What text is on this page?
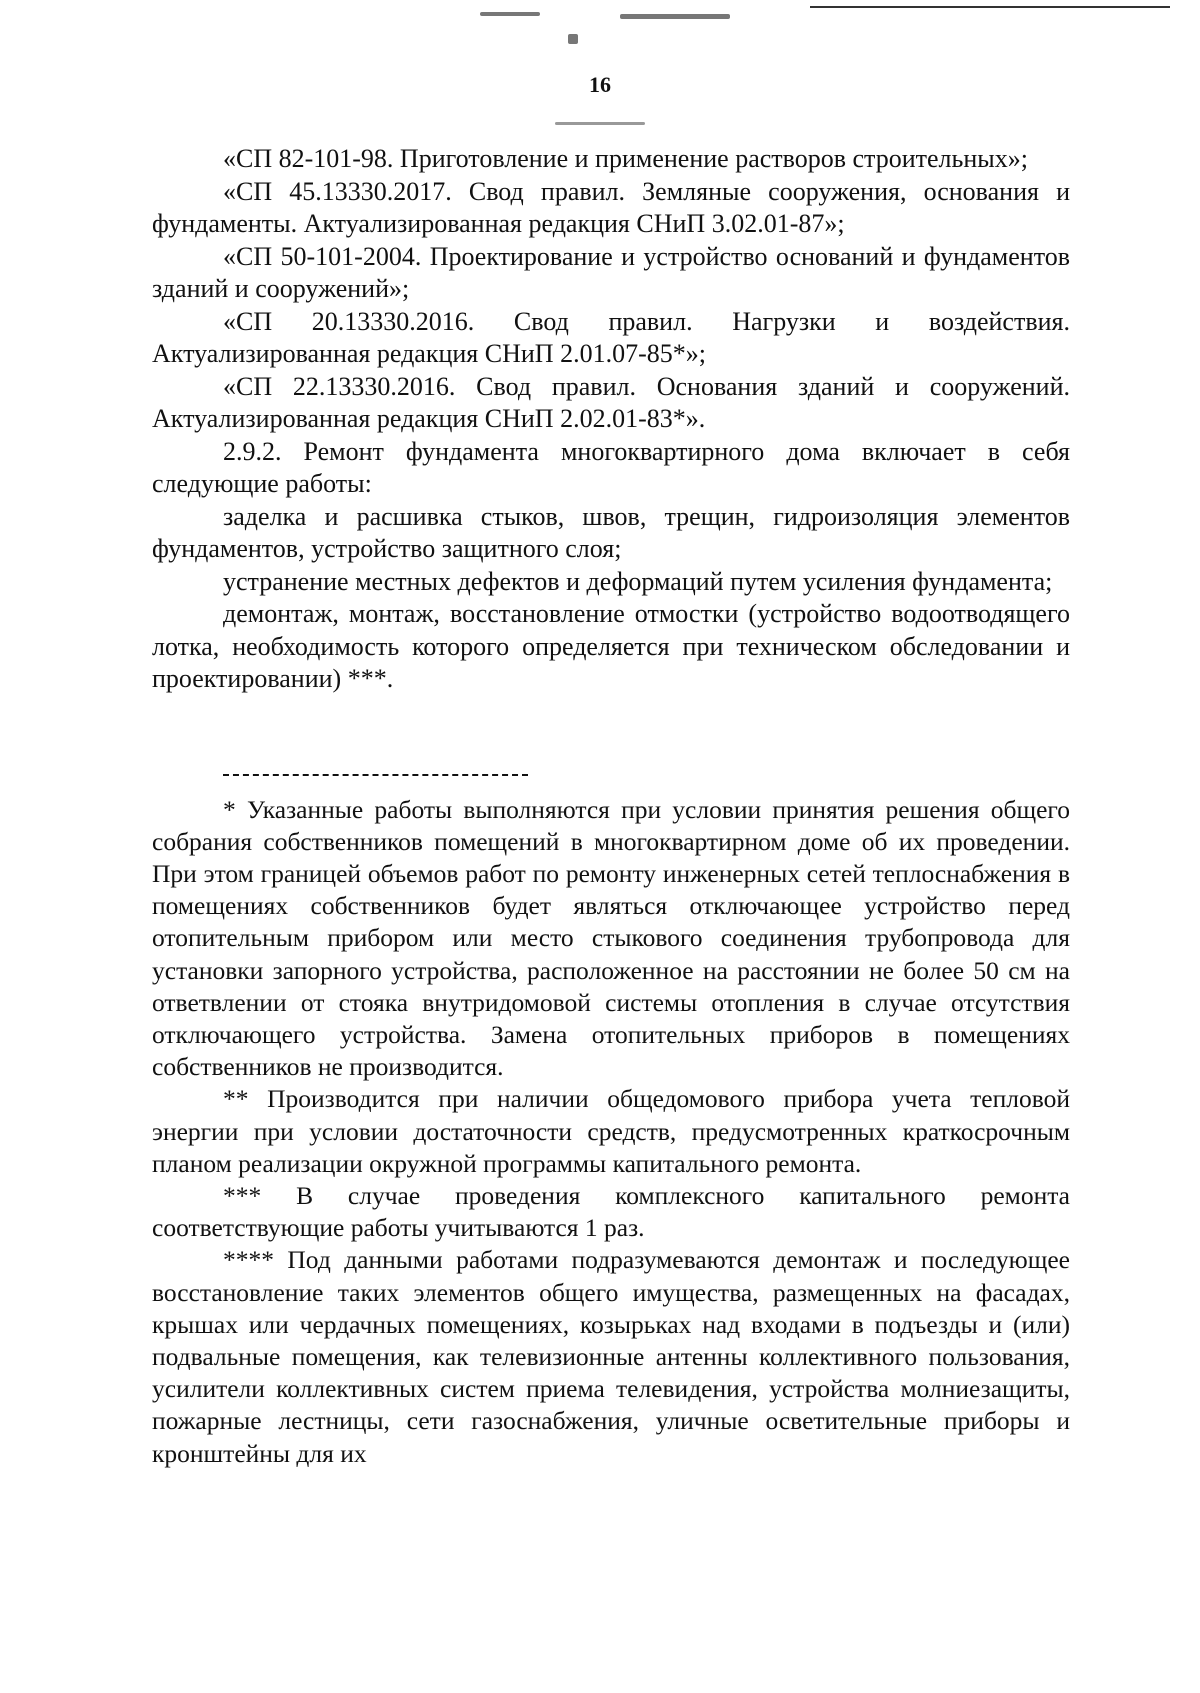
16

«СП 82-101-98. Приготовление и применение растворов строительных»;

«СП 45.13330.2017. Свод правил. Земляные сооружения, основания и фундаменты. Актуализированная редакция СНиП 3.02.01-87»;

«СП 50-101-2004. Проектирование и устройство оснований и фундаментов зданий и сооружений»;

«СП 20.13330.2016. Свод правил. Нагрузки и воздействия. Актуализированная редакция СНиП 2.01.07-85*»;

«СП 22.13330.2016. Свод правил. Основания зданий и сооружений. Актуализированная редакция СНиП 2.02.01-83*».

2.9.2. Ремонт фундамента многоквартирного дома включает в себя следующие работы:

заделка и расшивка стыков, швов, трещин, гидроизоляция элементов фундаментов, устройство защитного слоя;

устранение местных дефектов и деформаций путем усиления фундамента;

демонтаж, монтаж, восстановление отмостки (устройство водоотводящего лотка, необходимость которого определяется при техническом обследовании и проектировании) ***.

* Указанные работы выполняются при условии принятия решения общего собрания собственников помещений в многоквартирном доме об их проведении. При этом границей объемов работ по ремонту инженерных сетей теплоснабжения в помещениях собственников будет являться отключающее устройство перед отопительным прибором или место стыкового соединения трубопровода для установки запорного устройства, расположенное на расстоянии не более 50 см на ответвлении от стояка внутридомовой системы отопления в случае отсутствия отключающего устройства. Замена отопительных приборов в помещениях собственников не производится.

** Производится при наличии общедомового прибора учета тепловой энергии при условии достаточности средств, предусмотренных краткосрочным планом реализации окружной программы капитального ремонта.

*** В случае проведения комплексного капитального ремонта соответствующие работы учитываются 1 раз.

**** Под данными работами подразумеваются демонтаж и последующее восстановление таких элементов общего имущества, размещенных на фасадах, крышах или чердачных помещениях, козырьках над входами в подъезды и (или) подвальные помещения, как телевизионные антенны коллективного пользования, усилители коллективных систем приема телевидения, устройства молниезащиты, пожарные лестницы, сети газоснабжения, уличные осветительные приборы и кронштейны для их
